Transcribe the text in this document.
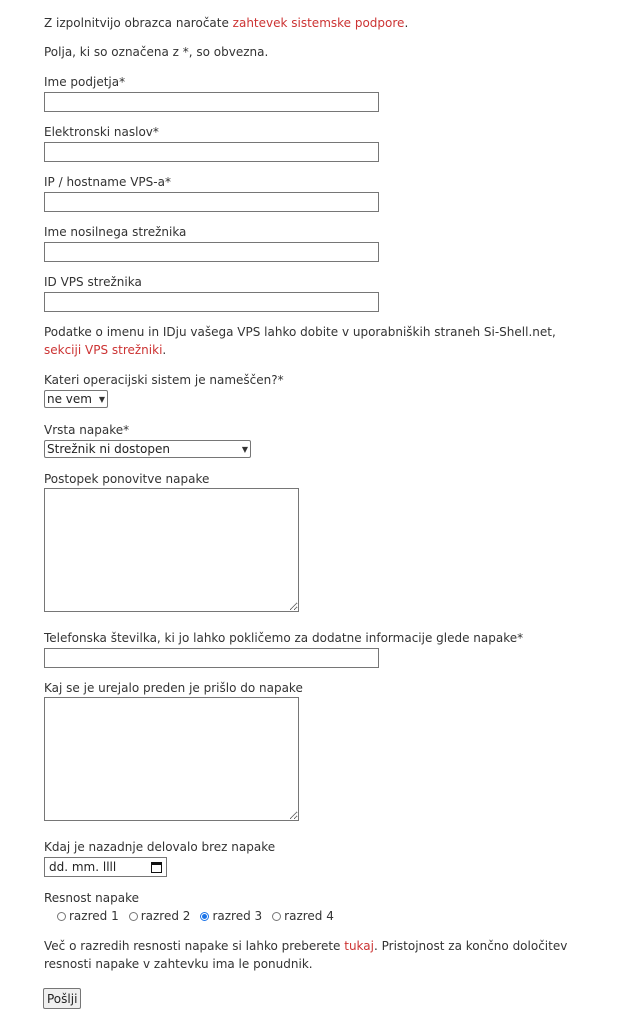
Z izpolnitvijo obrazca naročate zahtevek sistemske podpore.
Polja, ki so označena z *, so obvezna.
Ime podjetja*
Elektronski naslov*
IP / hostname VPS-a*
Ime nosilnega strežnika
ID VPS strežnika
Podatke o imenu in IDju vašega VPS lahko dobite v uporabniških straneh Si-Shell.net,
sekciji VPS strežniki.
Kateri operacijski sistem je nameščen?*
ne vem ▼
Vrsta napake*
Strežnik ni dostopen	▼
Postopek ponovitve napake
Telefonska številka, ki jo lahko pokličemo za dodatne informacije glede napake*
Kaj se je urejalo preden je prišlo do napake
Kdaj je nazadnje delovalo brez napake
dd. mm. llll
Resnost napake
razred 1 razred 2 razred 3 razred 4
Več o razredih resnosti napake si lahko preberete tukaj. Pristojnost za končno določitev
resnosti napake v zahtevku ima le ponudnik.
Pošlji
